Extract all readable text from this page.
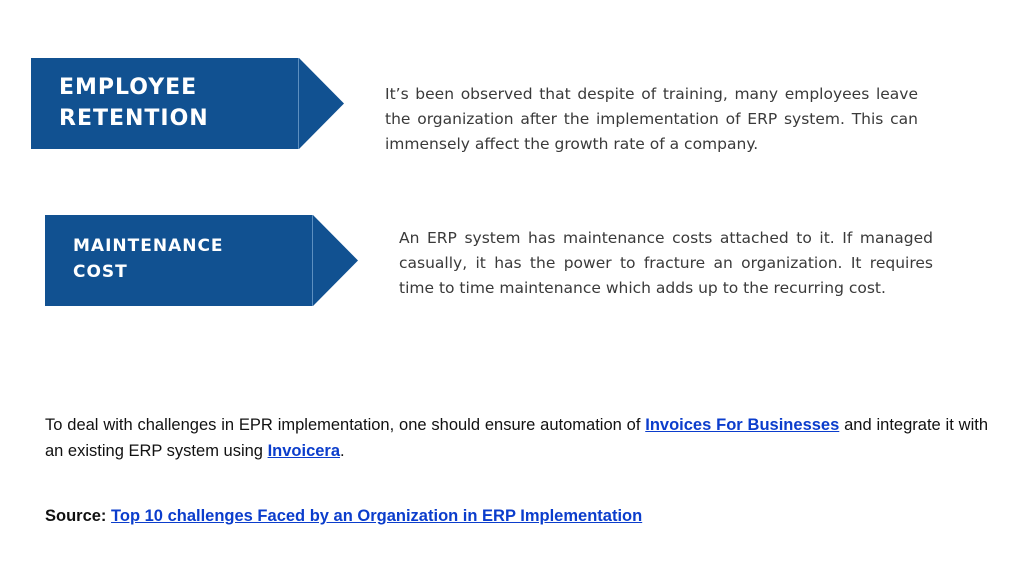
EMPLOYEE
RETENTION

It’s been observed that despite of training, many employees leave the organization after the implementation of ERP system. This can immensely affect the growth rate of a company.

MAINTENANCE
COST

An ERP system has maintenance costs attached to it. If managed casually, it has the power to fracture an organization. It requires time to time maintenance which adds up to the recurring cost.

To deal with challenges in EPR implementation, one should ensure automation of Invoices For Businesses and integrate it with an existing ERP system using Invoicera.

Source: Top 10 challenges Faced by an Organization in ERP Implementation
